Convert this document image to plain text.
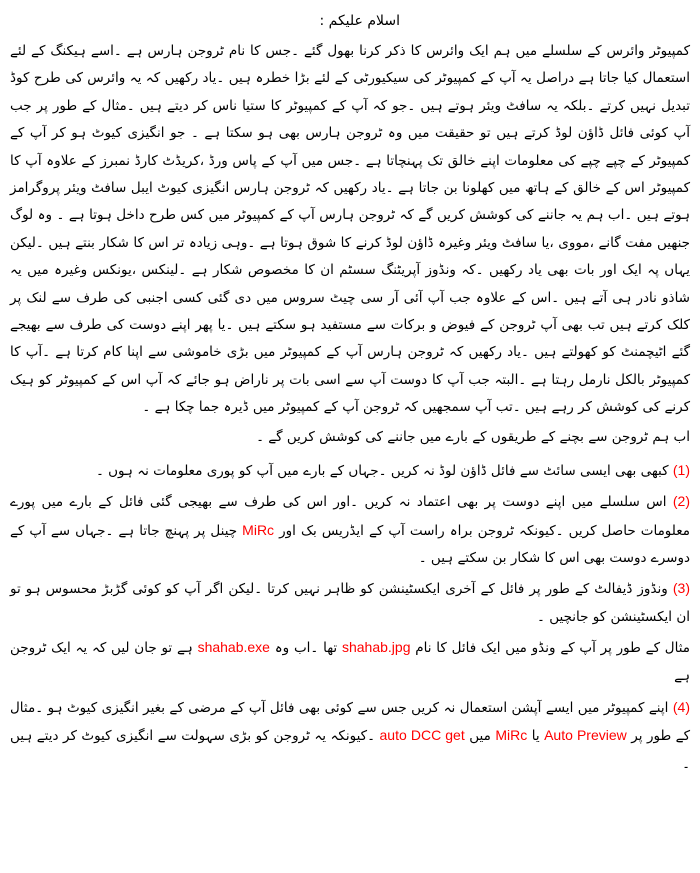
اسلام علیکم :

کمپیوٹر وائرس کے سلسلے میں ہم ایک وائرس کا ذکر کرنا بھول گئے ۔جس کا نام ٹروجن ہارس ہے ۔اسے ہیکنگ کے لئے استعمال کیا جاتا ہے دراصل یہ آپ کے کمپیوٹر کی سیکیورٹی کے لئے بڑا خطرہ ہیں ۔یاد رکھیں کہ یہ وائرس کی طرح کوڈ تبدیل نہیں کرتے ۔بلکہ یہ سافٹ ویئر ہوتے ہیں ۔جو کہ آپ کے کمپیوٹر کا ستیا ناس کر دیتے ہیں ۔مثال کے طور پر جب آپ کوئی فائل ڈاؤن لوڈ کرتے ہیں تو حقیقت میں وہ ٹروجن ہارس بھی ہو سکتا ہے ۔ جو انگیزی کیوٹ ہو کر آپ کے کمپیوٹر کے چپے چپے کی معلومات اپنے خالق تک پہنچاتا ہے ۔جس میں آپ کے پاس ورڈ ،کریڈٹ کارڈ نمبرز کے علاوہ آپ کا کمپیوٹر اس کے خالق کے ہاتھ میں کھلونا بن جاتا ہے ۔یاد رکھیں کہ ٹروجن ہارس انگیزی کیوٹ ایبل سافٹ ویئر پروگرامز ہوتے ہیں ۔اب ہم یہ جاننے کی کوشش کریں گے کہ ٹروجن ہارس آپ کے کمپیوٹر میں کس طرح داخل ہوتا ہے ۔ وہ لوگ جنھیں مفت گانے ،مووی ،یا سافٹ ویئر وغیرہ ڈاؤن لوڈ کرنے کا شوق ہوتا ہے ۔وہی زیادہ تر اس کا شکار بنتے ہیں ۔لیکن یہاں پہ ایک اور بات بھی یاد رکھیں ۔کہ ونڈوز آپریٹنگ سسٹم ان کا مخصوص شکار ہے ۔لینکس ،یونکس وغیرہ میں یہ شاذو نادر ہی آتے ہیں ۔اس کے علاوہ جب آپ آئی آر سی چیٹ سروس میں دی گئی کسی اجنبی کی طرف سے لنک پر کلک کرتے ہیں تب بھی آپ ٹروجن کے فیوض و برکات سے مستفید ہو سکتے ہیں ۔یا پھر اپنے دوست کی طرف سے بھیجے گئے اٹیچمنٹ کو کھولتے ہیں ۔یاد رکھیں کہ ٹروجن ہارس آپ کے کمپیوٹر میں بڑی خاموشی سے اپنا کام کرتا ہے ۔آپ کا کمپیوٹر بالکل نارمل رہتا ہے ۔البتہ جب آپ کا دوست آپ سے اسی بات پر ناراض ہو جائے کہ آپ اس کے کمپیوٹر کو ہیک کرنے کی کوشش کر رہے ہیں ۔تب آپ سمجھیں کہ ٹروجن آپ کے کمپیوٹر میں ڈیرہ جما چکا ہے ۔

اب ہم ٹروجن سے بچنے کے طریقوں کے بارے میں جاننے کی کوشش کریں گے ۔

(1) کبھی بھی ایسی سائٹ سے فائل ڈاؤن لوڈ نہ کریں ۔جہاں کے بارے میں آپ کو پوری معلومات نہ ہوں ۔

(2) اس سلسلے میں اپنے دوست پر بھی اعتماد نہ کریں ۔اور اس کی طرف سے بھیجی گئی فائل کے بارے میں پورے معلومات حاصل کریں ۔کیونکہ ٹروجن براہ راست آپ کے ایڈریس بک اور MiRc چینل پر پہنچ جاتا ہے ۔جہاں سے آپ کے دوسرے دوست بھی اس کا شکار بن سکتے ہیں ۔

(3) ونڈوز ڈیفالٹ کے طور پر فائل کے آخری ایکسٹینشن کو ظاہر نہیں کرتا ۔لیکن اگر آپ کو کوئی گڑبڑ محسوس ہو تو ان ایکسٹینشن کو جانچیں ۔

مثال کے طور پر آپ کے ونڈو میں ایک فائل کا نام shahab.jpg تھا ۔اب وہ shahab.exe ہے تو جان لیں کہ یہ ایک ٹروجن ہے

(4) اپنے کمپیوٹر میں ایسے آپشن استعمال نہ کریں جس سے کوئی بھی فائل آپ کے مرضی کے بغیر انگیزی کیوٹ ہو ۔مثال کے طور پر Auto Preview یا MiRc میں auto DCC get ۔کیونکہ یہ ٹروجن کو بڑی سہولت سے انگیزی کیوٹ کر دیتے ہیں ۔
